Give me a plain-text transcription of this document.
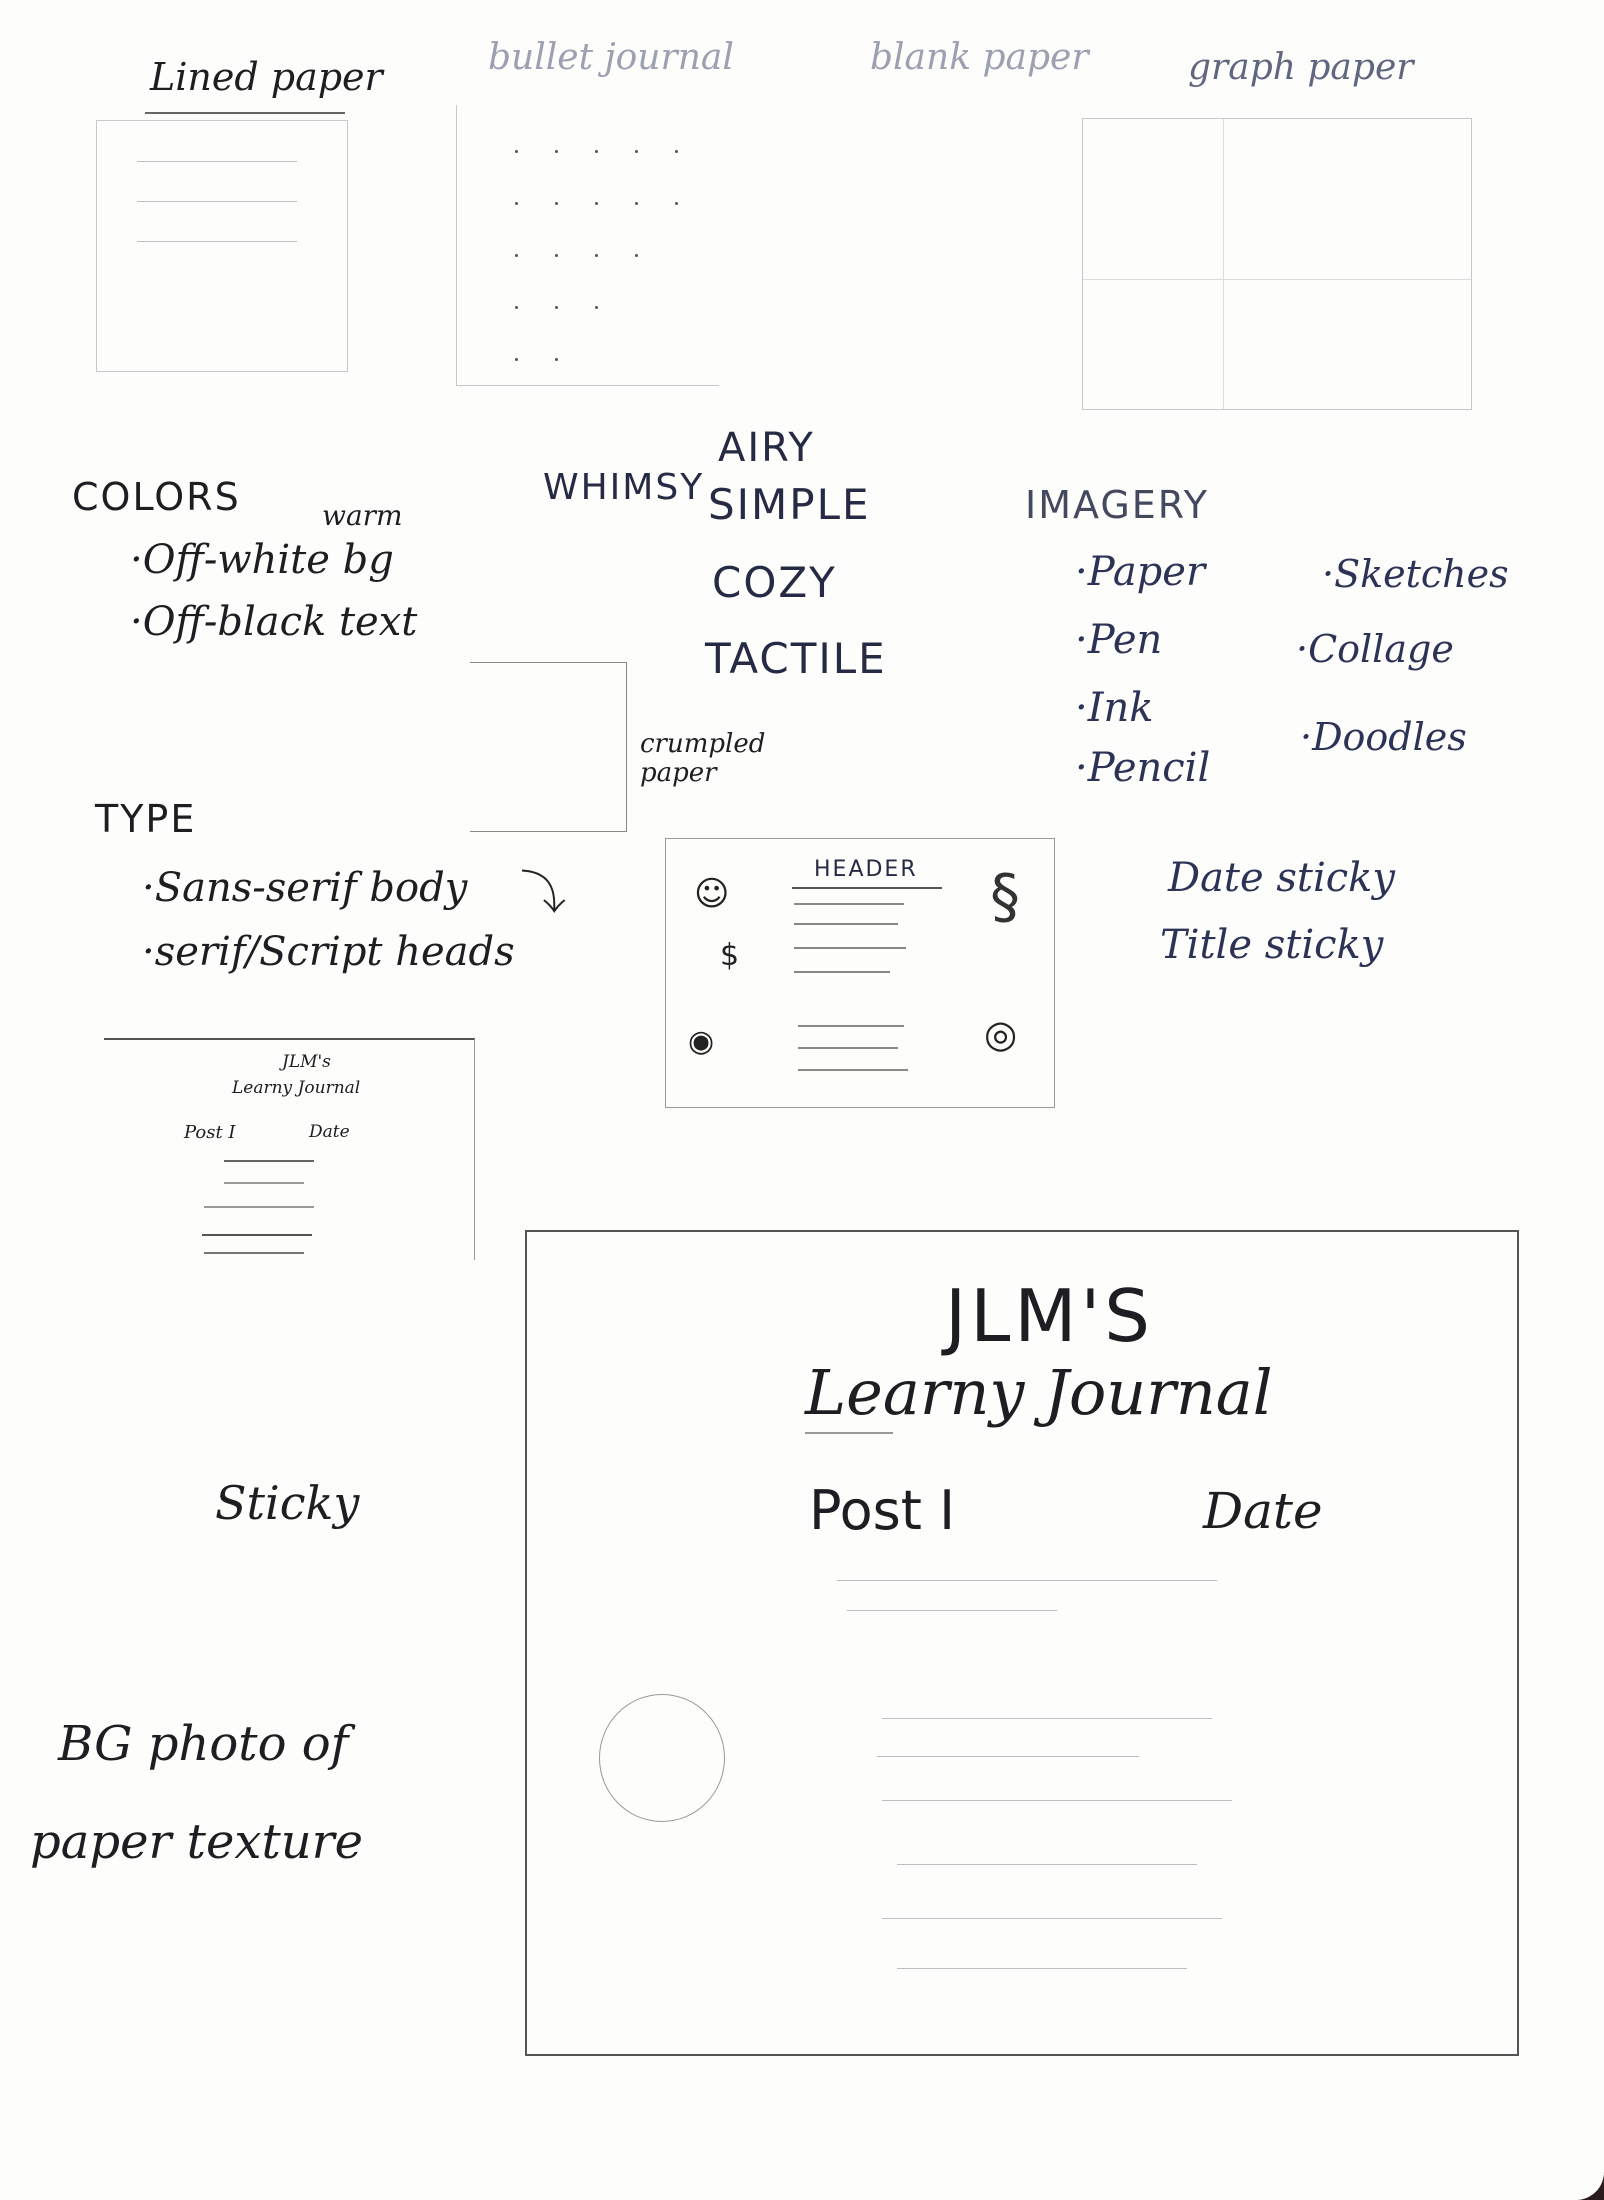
Lined paper	bullet journal	blank paper	graph paper
WHIMSY
AIRY
SIMPLE
COZY
TACTILE
COLORS	warm
·Off-white bg
·Off-black text
crumpled paper
IMAGERY
·Paper
·Pen
·Ink
·Pencil
·Sketches
·Collage
·Doodles
TYPE
·Sans-serif body
·serif/Script heads
⤵	☺
$
◉
HEADER §
◎
Date sticky
Title sticky
JLM's
Learny Journal
Post I	Date
Sticky
BG photo of
paper texture
JLM'S
Learny Journal
Post I	Date
